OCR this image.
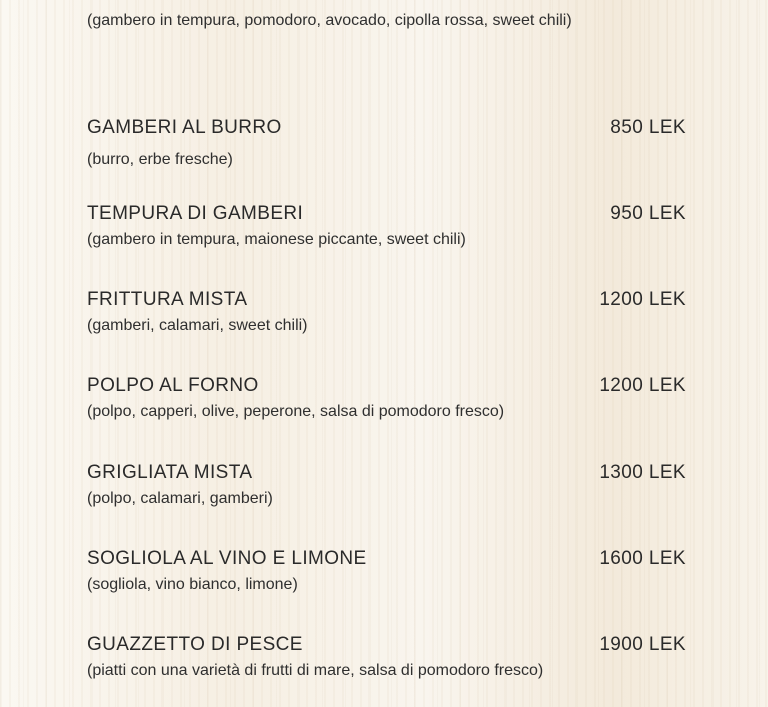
(gambero in tempura, pomodoro, avocado, cipolla rossa, sweet chili)
GAMBERI AL BURRO	850 LEK
(burro, erbe fresche)
TEMPURA DI GAMBERI	950 LEK
(gambero in tempura, maionese piccante, sweet chili)
FRITTURA MISTA	1200 LEK
(gamberi, calamari, sweet chili)
POLPO AL FORNO	1200 LEK
(polpo, capperi, olive, peperone, salsa di pomodoro fresco)
GRIGLIATA MISTA	1300 LEK
(polpo, calamari, gamberi)
SOGLIOLA AL VINO E LIMONE	1600 LEK
(sogliola, vino bianco, limone)
GUAZZETTO DI PESCE	1900 LEK
(piatti con una varietà di frutti di mare, salsa di pomodoro fresco)
